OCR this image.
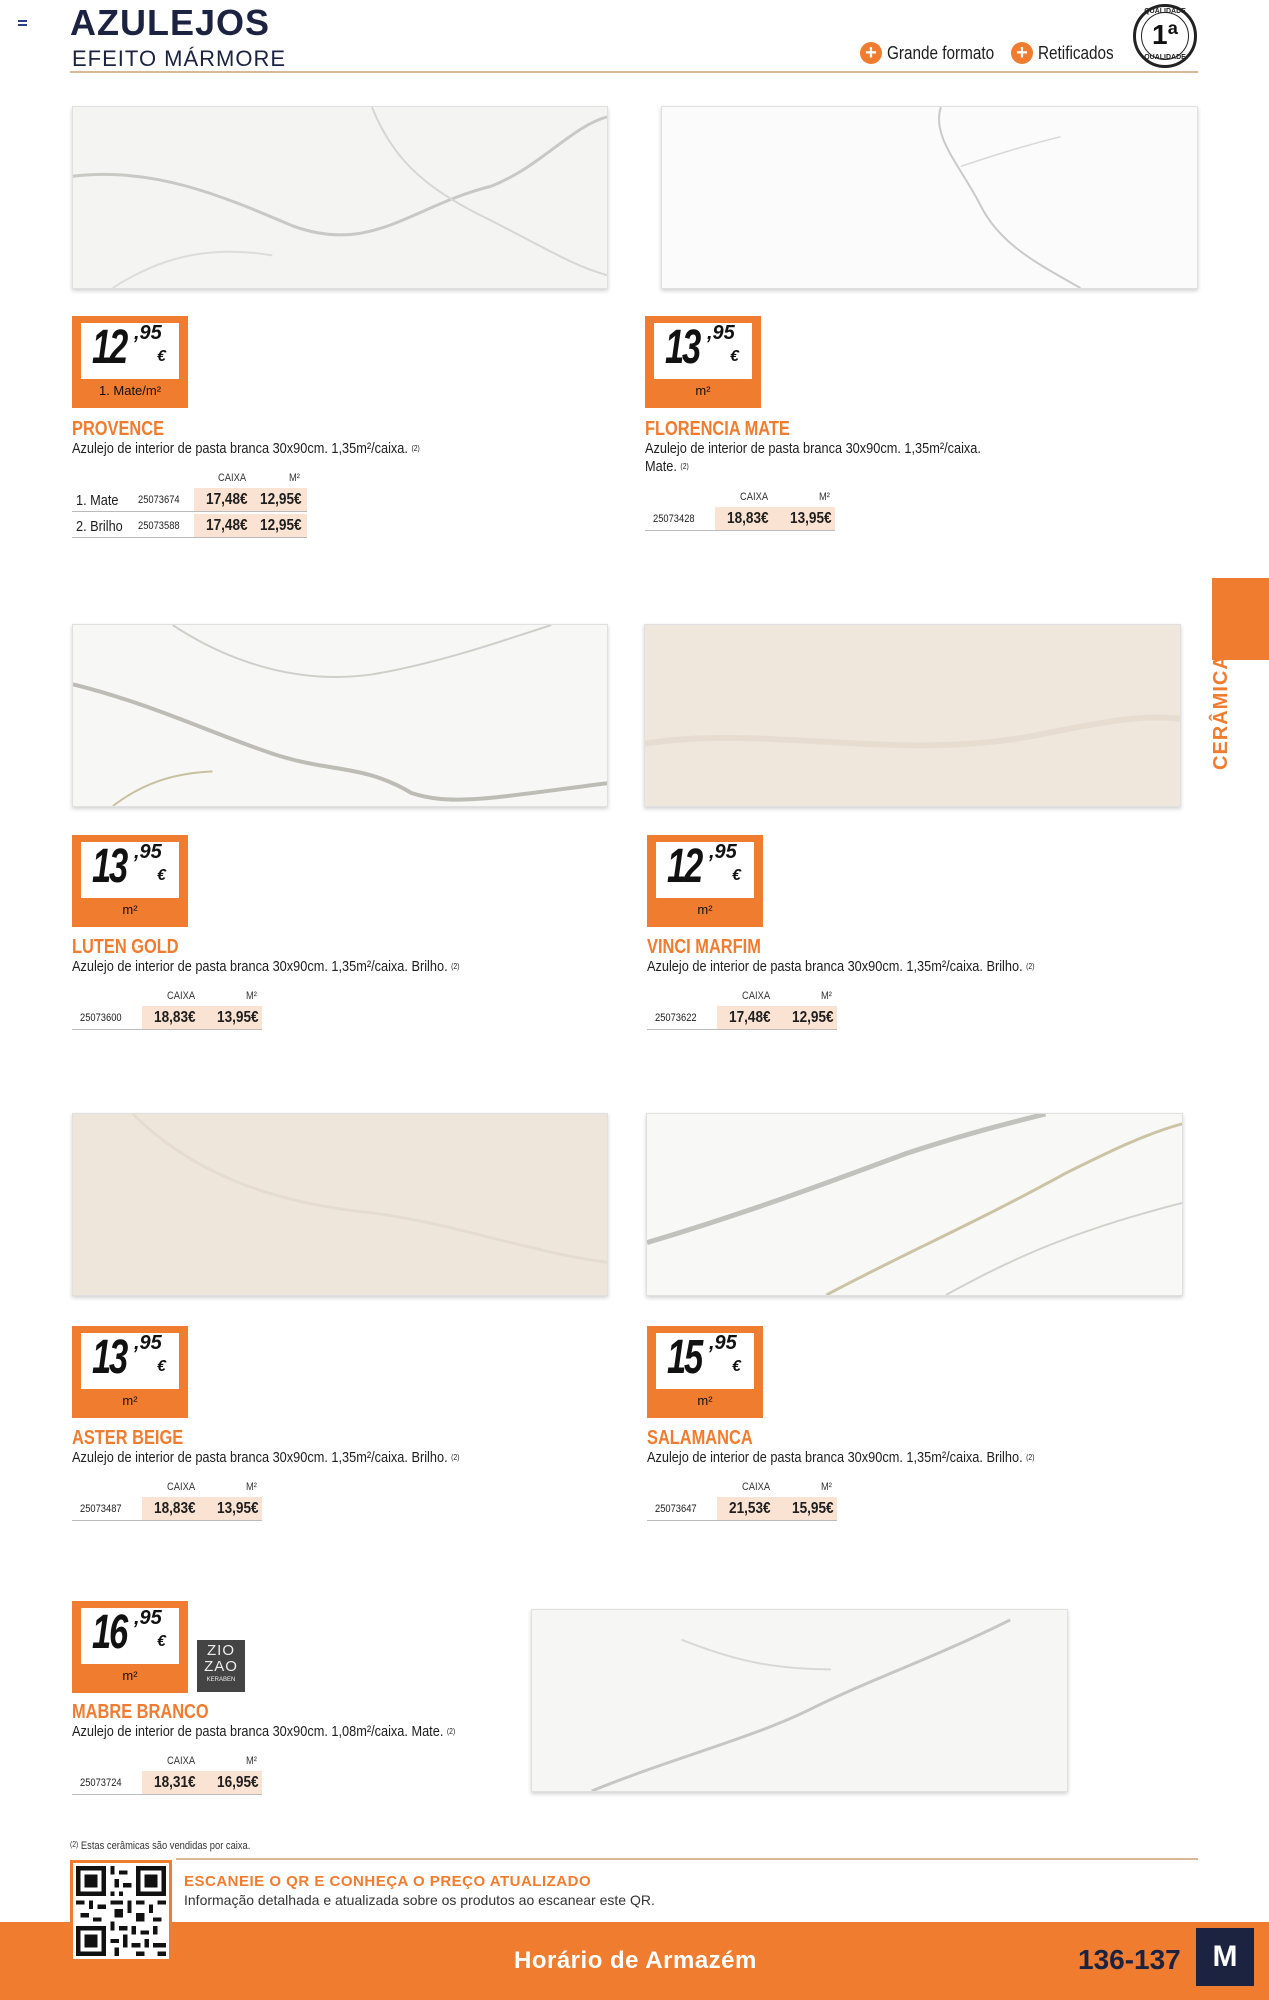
AZULEJOS
EFEITO MÁRMORE	+ Grande formato + Retificados
QUALIDADE
1ª
QUALIDADE
CERÂMICA
12 ,95
€
1. Mate/m²
PROVENCE
Azulejo de interior de pasta branca 30x90cm. 1,35m²/caixa. $^{(2)}$
CAIXA	M²
1. Mate 25073674 17,48€ 12,95€
2. Brilho 25073588 17,48€ 12,95€
13 ,95
€
m²
FLORENCIA MATE
Azulejo de interior de pasta branca 30x90cm. 1,35m²/caixa.
Mate. $^{(2)}$
CAIXA	M²
25073428 18,83€ 13,95€
13 ,95
€
m²
LUTEN GOLD
Azulejo de interior de pasta branca 30x90cm. 1,35m²/caixa. Brilho. $^{(2)}$
CAIXA	M²
25073600 18,83€ 13,95€
12 ,95
€
m²
VINCI MARFIM
Azulejo de interior de pasta branca 30x90cm. 1,35m²/caixa. Brilho. $^{(2)}$
CAIXA	M²
25073622 17,48€ 12,95€
13 ,95
€
m²
ASTER BEIGE
Azulejo de interior de pasta branca 30x90cm. 1,35m²/caixa. Brilho. $^{(2)}$
CAIXA	M²
25073487 18,83€ 13,95€
15 ,95
€
m²
SALAMANCA
Azulejo de interior de pasta branca 30x90cm. 1,35m²/caixa. Brilho. $^{(2)}$
CAIXA	M²
25073647 21,53€ 15,95€
16 ,95
€
m²
ZIO
ZAO
KERABEN
MABRE BRANCO
Azulejo de interior de pasta branca 30x90cm. 1,08m²/caixa. Mate. $^{(2)}$
CAIXA	M²
25073724 18,31€ 16,95€
$^{(2)}$ Estas cerâmicas são vendidas por caixa.
ESCANEIE O QR E CONHEÇA O PREÇO ATUALIZADO
Informação detalhada e atualizada sobre os produtos ao escanear este QR.
Horário de Armazém	136-137	M
